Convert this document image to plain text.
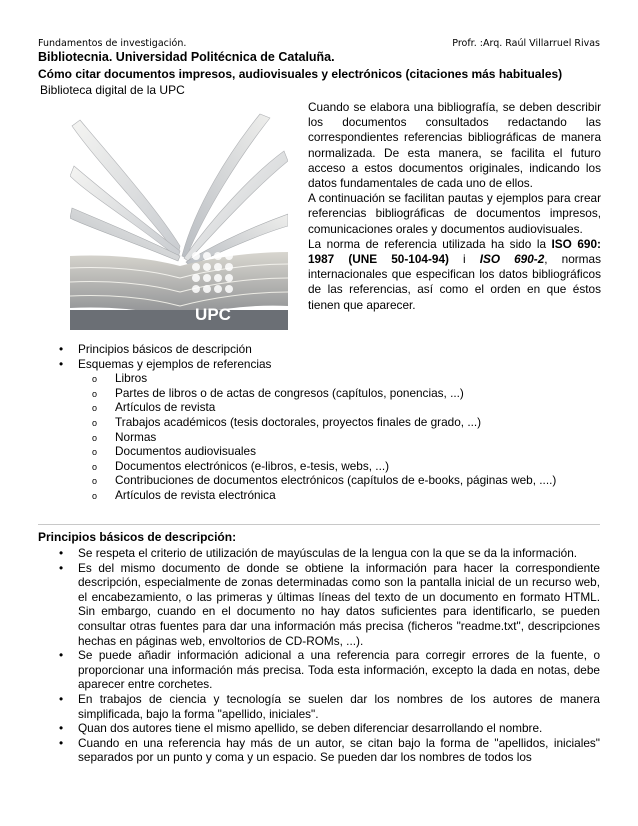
Fundamentos de investigación.	Profr. :Arq. Raúl Villarruel Rivas
Bibliotecnia. Universidad Politécnica de Cataluña.
Cómo citar documentos impresos, audiovisuales y electrónicos (citaciones más habituales)
Biblioteca digital de la UPC
UPC

Cuando se elabora una bibliografía, se deben describir los documentos consultados redactando las correspondientes referencias bibliográficas de manera normalizada. De esta manera, se facilita el futuro acceso a estos documentos originales, indicando los datos fundamentales de cada uno de ellos.

A continuación se facilitan pautas y ejemplos para crear referencias bibliográficas de documentos impresos, comunicaciones orales y documentos audiovisuales.

La norma de referencia utilizada ha sido la ISO 690: 1987 (UNE 50-104-94) i ISO 690-2, normas internacionales que especifican los datos bibliográficos de las referencias, así como el orden en que éstos tienen que aparecer.

• Principios básicos de descripción
• Esquemas y ejemplos de referencias
o Libros
o Partes de libros o de actas de congresos (capítulos, ponencias, ...)
o Artículos de revista
o Trabajos académicos (tesis doctorales, proyectos finales de grado, ...)
o Normas
o Documentos audiovisuales
o Documentos electrónicos (e-libros, e-tesis, webs, ...)
o Contribuciones de documentos electrónicos (capítulos de e-books, páginas web, ....)
o Artículos de revista electrónica
Principios básicos de descripción:
• Se respeta el criterio de utilización de mayúsculas de la lengua con la que se da la información.
• Es del mismo documento de donde se obtiene la información para hacer la correspondiente descripción, especialmente de zonas determinadas como son la pantalla inicial de un recurso web, el encabezamiento, o las primeras y últimas líneas del texto de un documento en formato HTML. Sin embargo, cuando en el documento no hay datos suficientes para identificarlo, se pueden consultar otras fuentes para dar una información más precisa (ficheros "readme.txt", descripciones hechas en páginas web, envoltorios de CD-ROMs, ...).
• Se puede añadir información adicional a una referencia para corregir errores de la fuente, o proporcionar una información más precisa. Toda esta información, excepto la dada en notas, debe aparecer entre corchetes.
• En trabajos de ciencia y tecnología se suelen dar los nombres de los autores de manera simplificada, bajo la forma "apellido, iniciales".
• Quan dos autores tiene el mismo apellido, se deben diferenciar desarrollando el nombre.
• Cuando en una referencia hay más de un autor, se citan bajo la forma de "apellidos, iniciales" separados por un punto y coma y un espacio. Se pueden dar los nombres de todos los
